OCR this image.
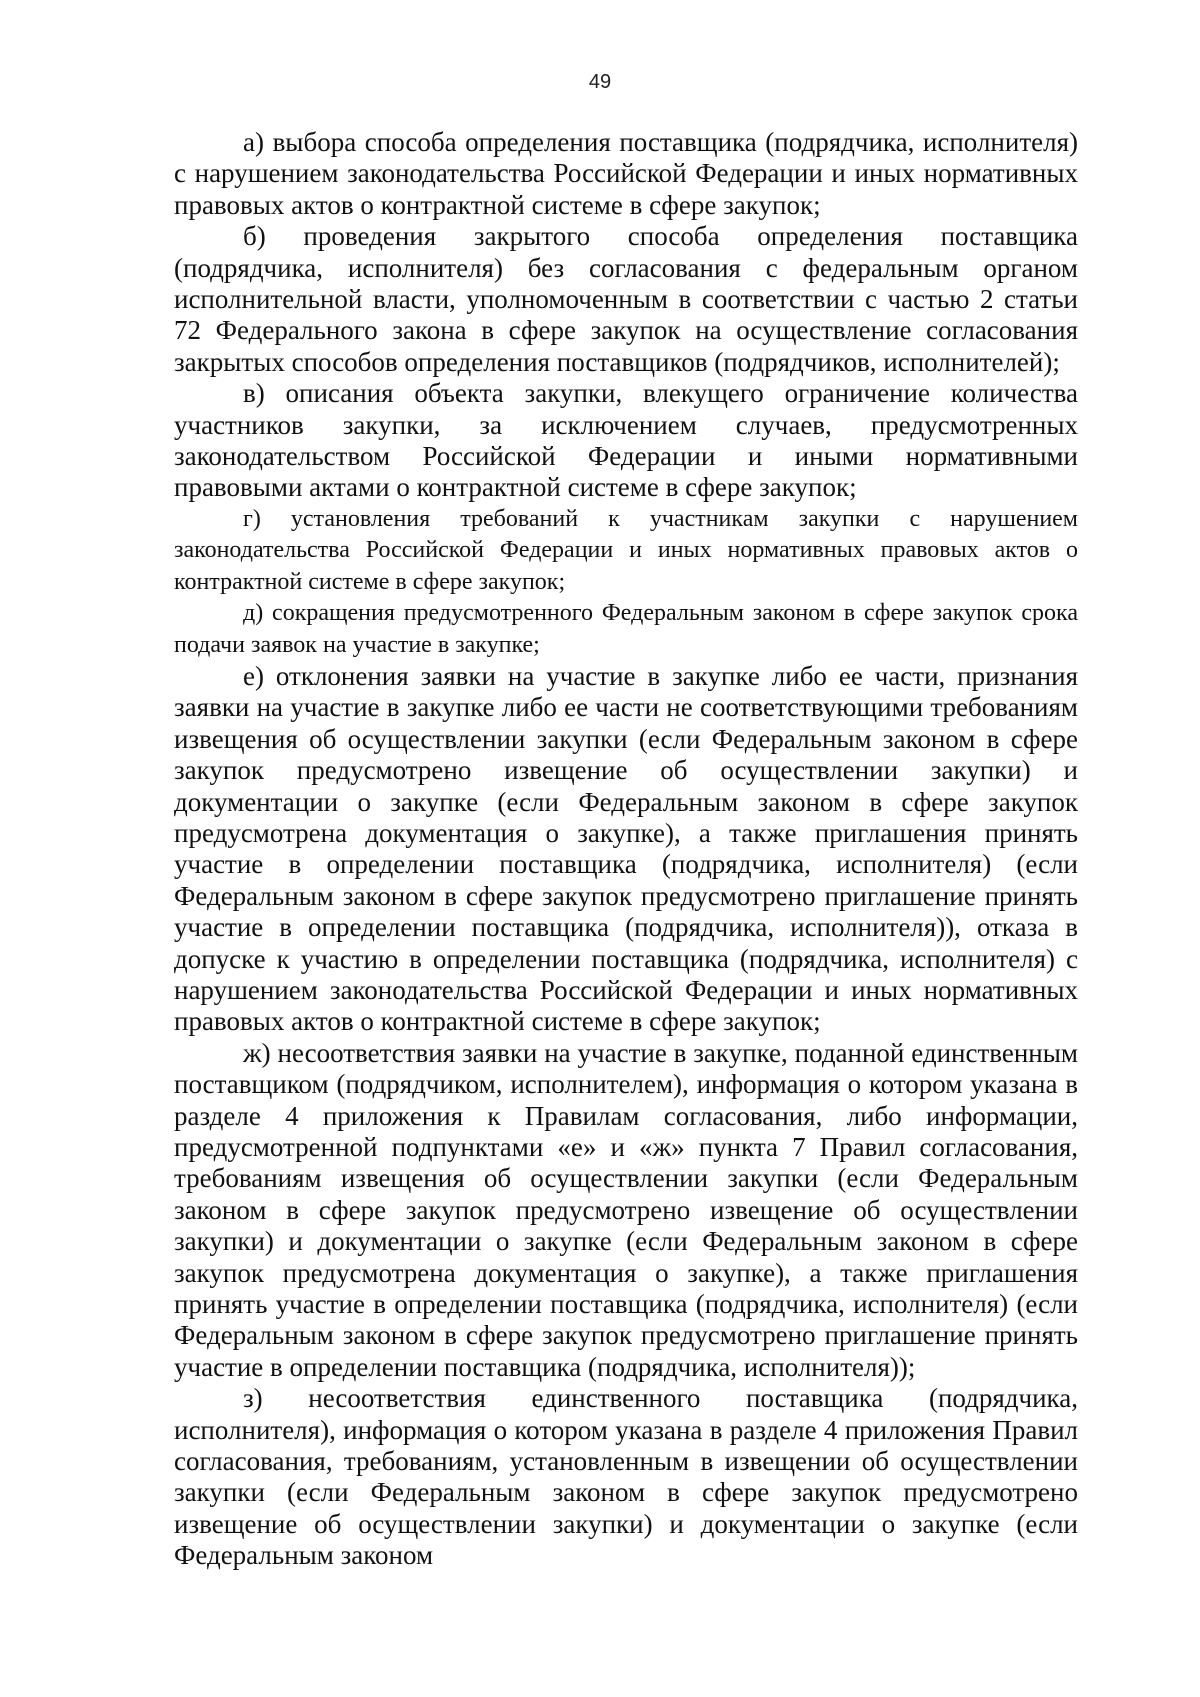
49

а) выбора способа определения поставщика (подрядчика, исполнителя) с нарушением законодательства Российской Федерации и иных нормативных правовых актов о контрактной системе в сфере закупок;

б) проведения закрытого способа определения поставщика (подрядчика, исполнителя) без согласования с федеральным органом исполнительной власти, уполномоченным в соответствии с частью 2 статьи 72 Федерального закона в сфере закупок на осуществление согласования закрытых способов определения поставщиков (подрядчиков, исполнителей);

в) описания объекта закупки, влекущего ограничение количества участников закупки, за исключением случаев, предусмотренных законодательством Российской Федерации и иными нормативными правовыми актами о контрактной системе в сфере закупок;

г) установления требований к участникам закупки с нарушением законодательства Российской Федерации и иных нормативных правовых актов о контрактной системе в сфере закупок;

д) сокращения предусмотренного Федеральным законом в сфере закупок срока подачи заявок на участие в закупке;

е) отклонения заявки на участие в закупке либо ее части, признания заявки на участие в закупке либо ее части не соответствующими требованиям извещения об осуществлении закупки (если Федеральным законом в сфере закупок предусмотрено извещение об осуществлении закупки) и документации о закупке (если Федеральным законом в сфере закупок предусмотрена документация о закупке), а также приглашения принять участие в определении поставщика (подрядчика, исполнителя) (если Федеральным законом в сфере закупок предусмотрено приглашение принять участие в определении поставщика (подрядчика, исполнителя)), отказа в допуске к участию в определении поставщика (подрядчика, исполнителя) с нарушением законодательства Российской Федерации и иных нормативных правовых актов о контрактной системе в сфере закупок;

ж) несоответствия заявки на участие в закупке, поданной единственным поставщиком (подрядчиком, исполнителем), информация о котором указана в разделе 4 приложения к Правилам согласования, либо информации, предусмотренной подпунктами «е» и «ж» пункта 7 Правил согласования, требованиям извещения об осуществлении закупки (если Федеральным законом в сфере закупок предусмотрено извещение об осуществлении закупки) и документации о закупке (если Федеральным законом в сфере закупок предусмотрена документация о закупке), а также приглашения принять участие в определении поставщика (подрядчика, исполнителя) (если Федеральным законом в сфере закупок предусмотрено приглашение принять участие в определении поставщика (подрядчика, исполнителя));

з) несоответствия единственного поставщика (подрядчика, исполнителя), информация о котором указана в разделе 4 приложения Правил согласования, требованиям, установленным в извещении об осуществлении закупки (если Федеральным законом в сфере закупок предусмотрено извещение об осуществлении закупки) и документации о закупке (если Федеральным законом
